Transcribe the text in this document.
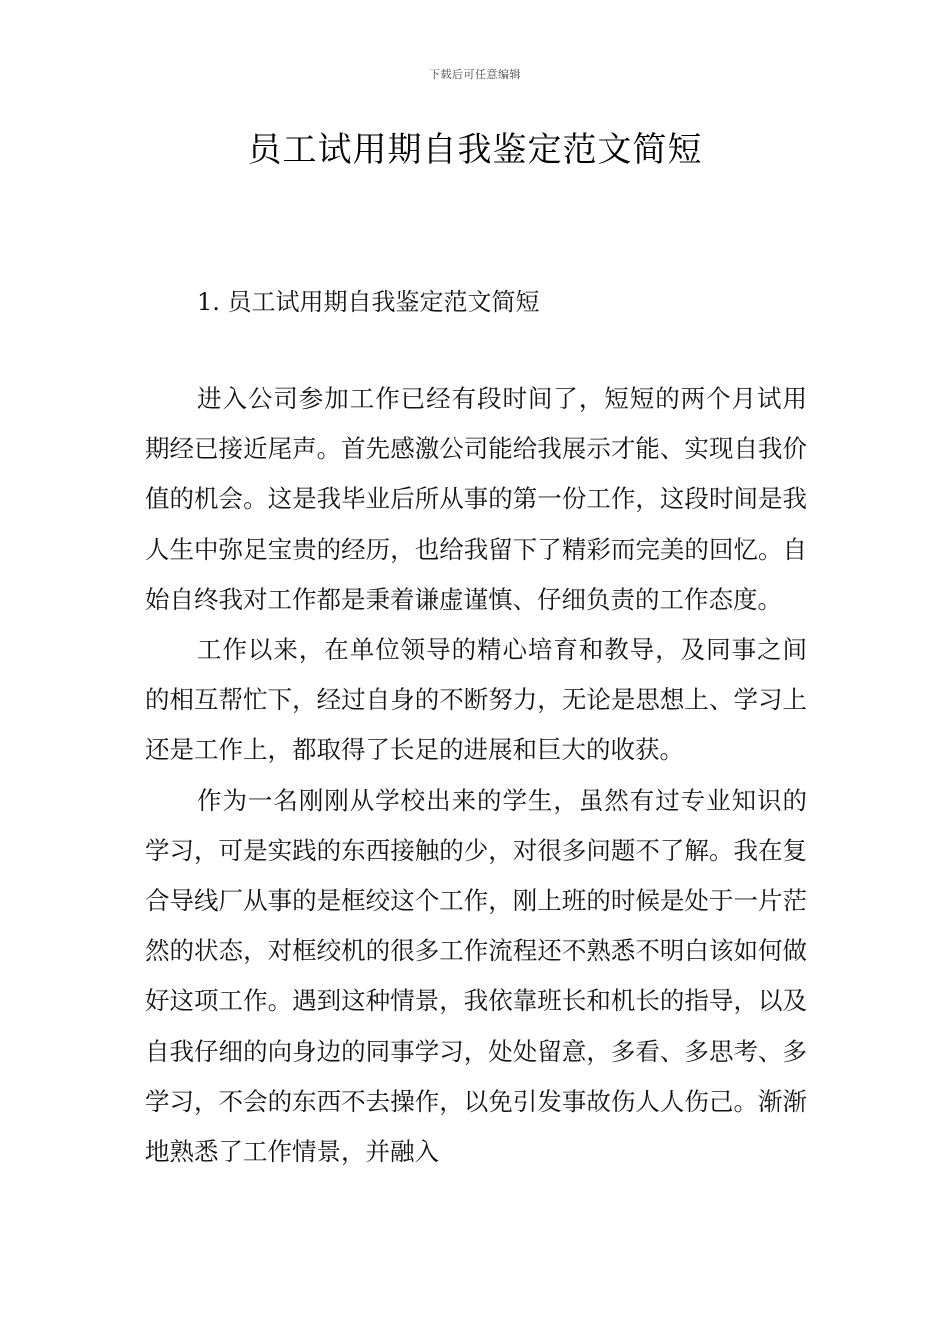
下载后可任意编辑
员工试用期自我鉴定范文简短
1. 员工试用期自我鉴定范文简短

进入公司参加工作已经有段时间了，短短的两个月试用期经已接近尾声。首先感激公司能给我展示才能、实现自我价值的机会。这是我毕业后所从事的第一份工作，这段时间是我人生中弥足宝贵的经历，也给我留下了精彩而完美的回忆。自始自终我对工作都是秉着谦虚谨慎、仔细负责的工作态度。

工作以来，在单位领导的精心培育和教导，及同事之间的相互帮忙下，经过自身的不断努力，无论是思想上、学习上还是工作上，都取得了长足的进展和巨大的收获。

作为一名刚刚从学校出来的学生，虽然有过专业知识的学习，可是实践的东西接触的少，对很多问题不了解。我在复合导线厂从事的是框绞这个工作，刚上班的时候是处于一片茫然的状态，对框绞机的很多工作流程还不熟悉不明白该如何做好这项工作。遇到这种情景，我依靠班长和机长的指导，以及自我仔细的向身边的同事学习，处处留意，多看、多思考、多学习，不会的东西不去操作，以免引发事故伤人人伤己。渐渐地熟悉了工作情景，并融入
